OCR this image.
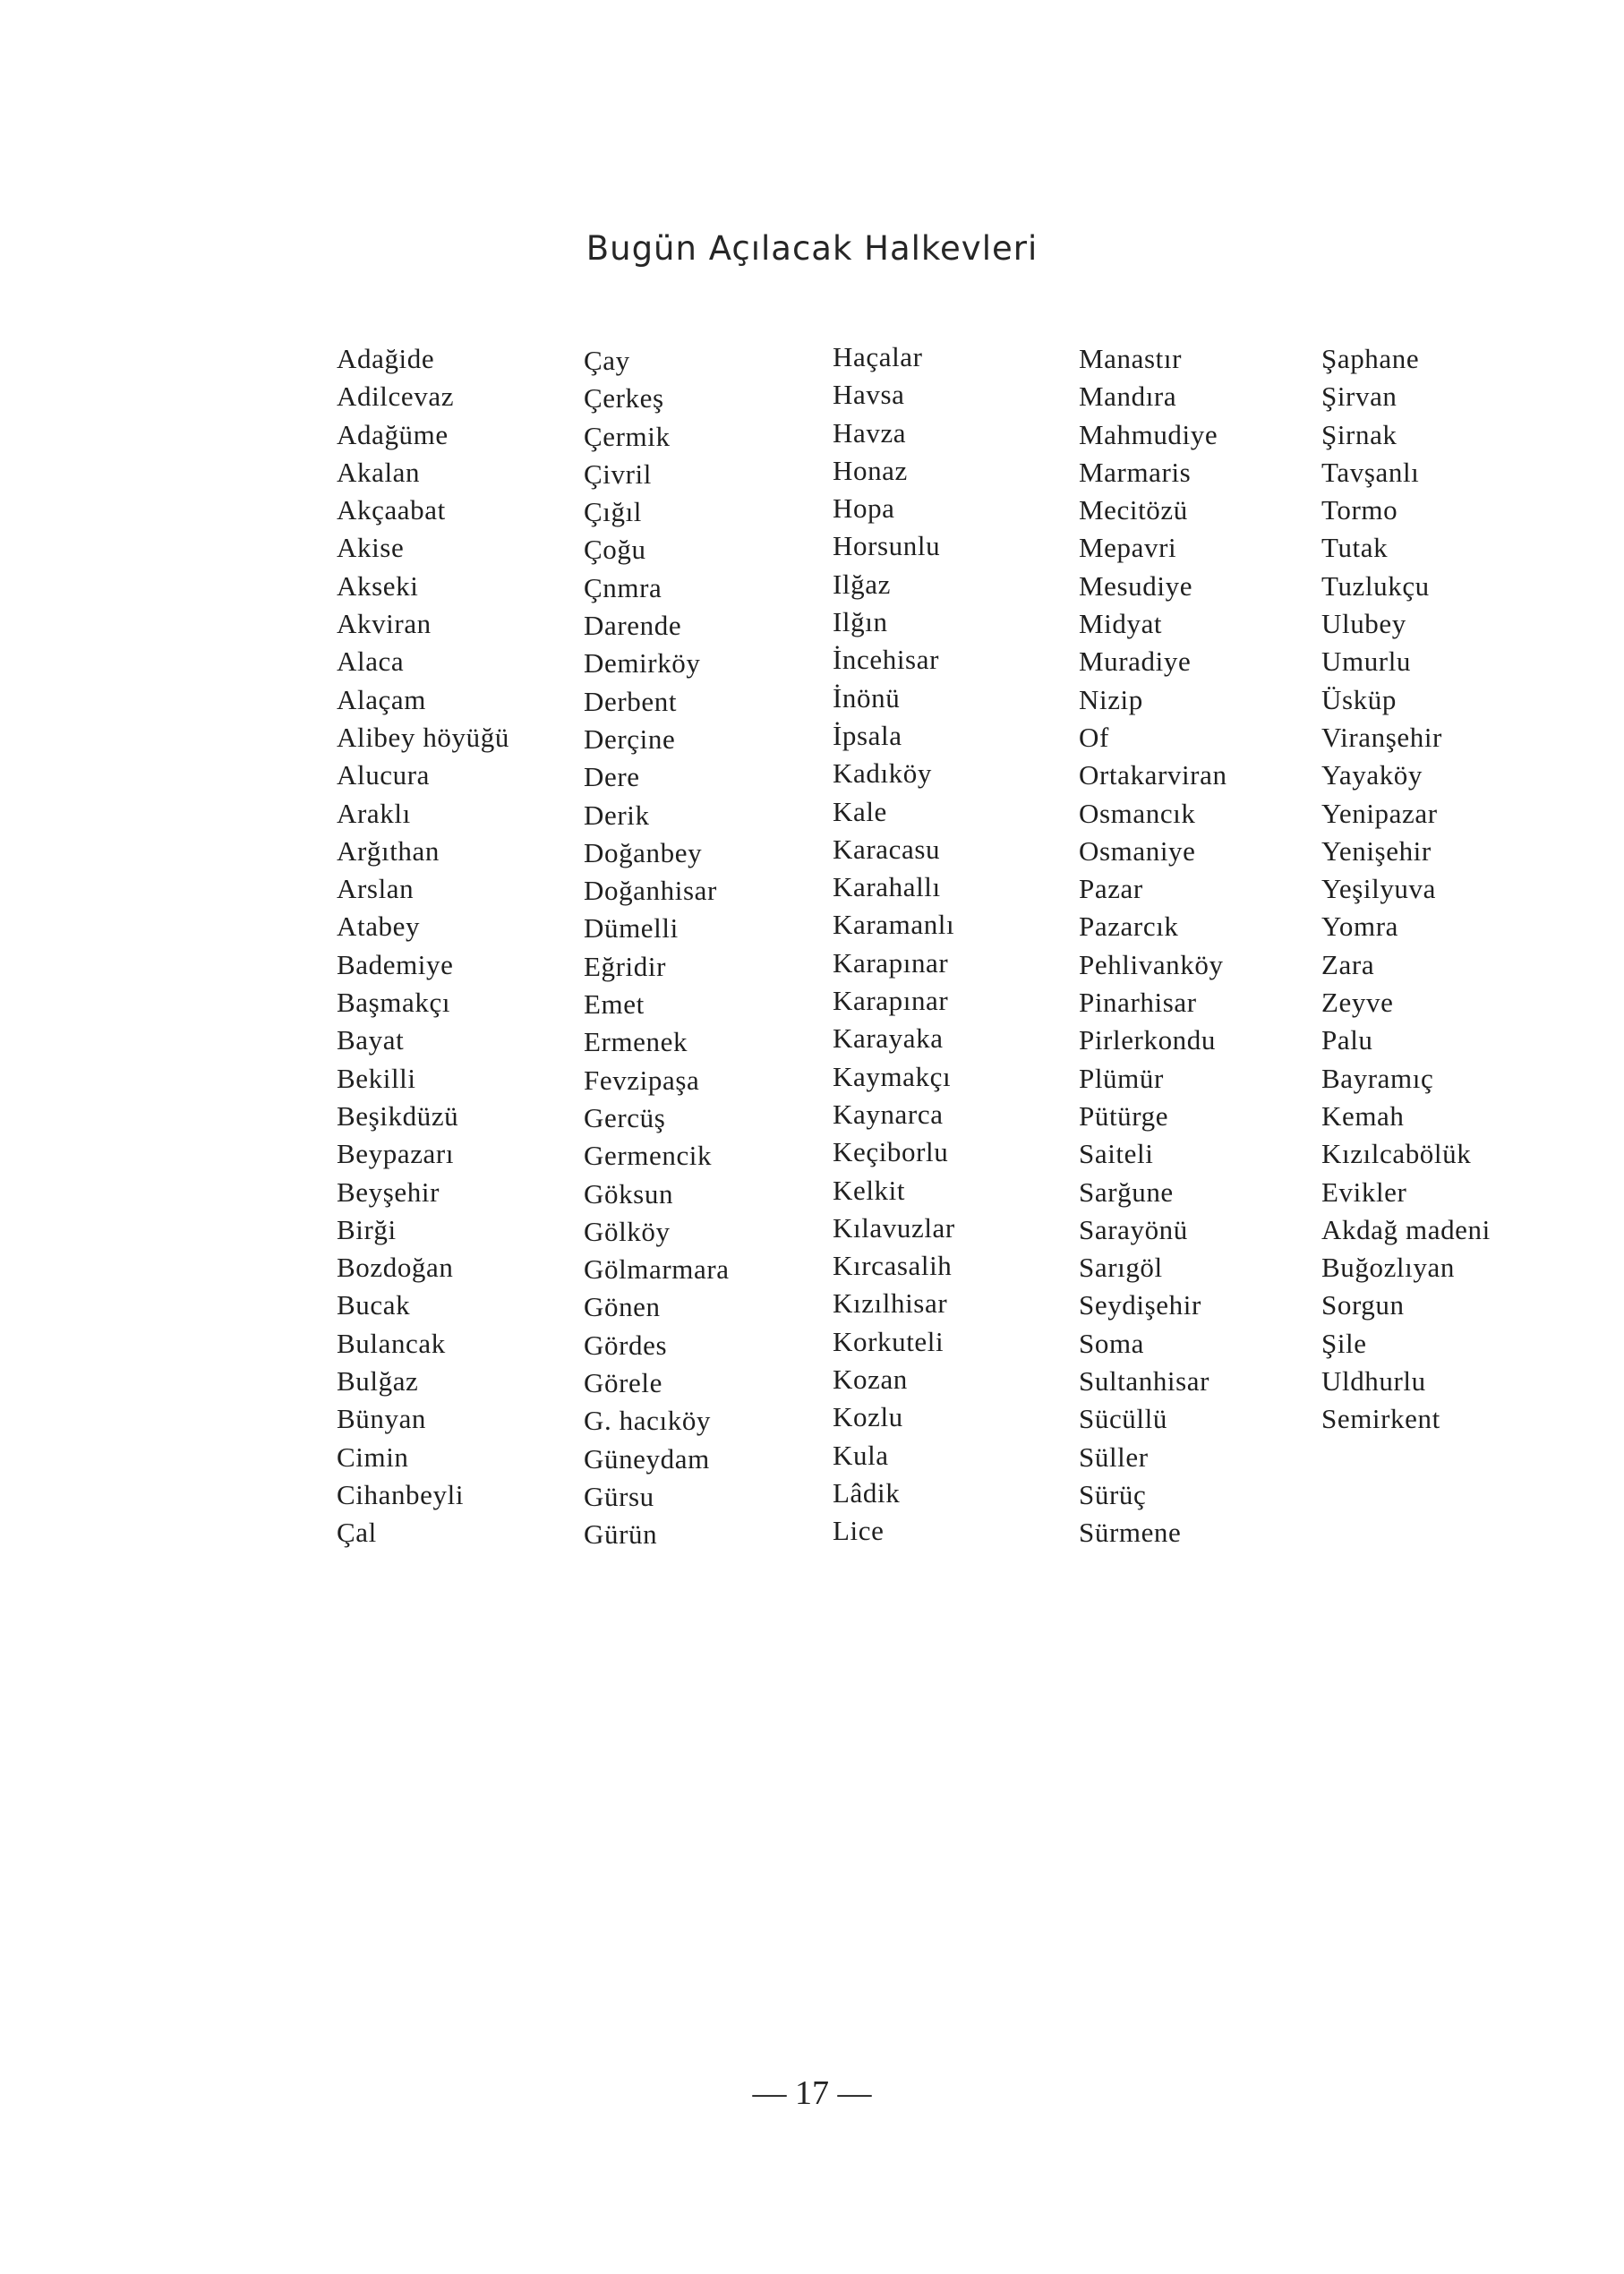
Bugün Açılacak Halkevleri
Adağide
Adilcevaz
Adağüme
Akalan
Akçaabat
Akise
Akseki
Akviran
Alaca
Alaçam
Alibey höyüğü
Alucura
Araklı
Arğıthan
Arslan
Atabey
Bademiye
Başmakçı
Bayat
Bekilli
Beşikdüzü
Beypazarı
Beyşehir
Birği
Bozdoğan
Bucak
Bulancak
Bulğaz
Bünyan
Cimin
Cihanbeyli
Çal
Çay
Çerkeş
Çermik
Çivril
Çığıl
Çoğu
Çnmra
Darende
Demirköy
Derbent
Derçine
Dere
Derik
Doğanbey
Doğanhisar
Dümelli
Eğridir
Emet
Ermenek
Fevzipaşa
Gercüş
Germencik
Göksun
Gölköy
Gölmarmara
Gönen
Gördes
Görele
G. hacıköy
Güneydam
Gürsu
Gürün
Haçalar
Havsa
Havza
Honaz
Hopa
Horsunlu
Ilğaz
Ilğın
İncehisar
İnönü
İpsala
Kadıköy
Kale
Karacasu
Karahallı
Karamanlı
Karapınar
Karapınar
Karayaka
Kaymakçı
Kaynarca
Keçiborlu
Kelkit
Kılavuzlar
Kırcasalih
Kızılhisar
Korkuteli
Kozan
Kozlu
Kula
Lâdik
Lice
Manastır
Mandıra
Mahmudiye
Marmaris
Mecitözü
Mepavri
Mesudiye
Midyat
Muradiye
Nizip
Of
Ortakarviran
Osmancık
Osmaniye
Pazar
Pazarcık
Pehlivanköy
Pinarhisar
Pirlerkondu
Plümür
Pütürge
Saiteli
Sarğune
Sarayönü
Sarıgöl
Seydişehir
Soma
Sultanhisar
Sücüllü
Süller
Sürüç
Sürmene
Şaphane
Şirvan
Şirnak
Tavşanlı
Tormo
Tutak
Tuzlukçu
Ulubey
Umurlu
Üsküp
Viranşehir
Yayaköy
Yenipazar
Yenişehir
Yeşilyuva
Yomra
Zara
Zeyve
Palu
Bayramıç
Kemah
Kızılcabölük
Evikler
Akdağ madeni
Buğozlıyan
Sorgun
Şile
Uldhurlu
Semirkent
— 17 —
